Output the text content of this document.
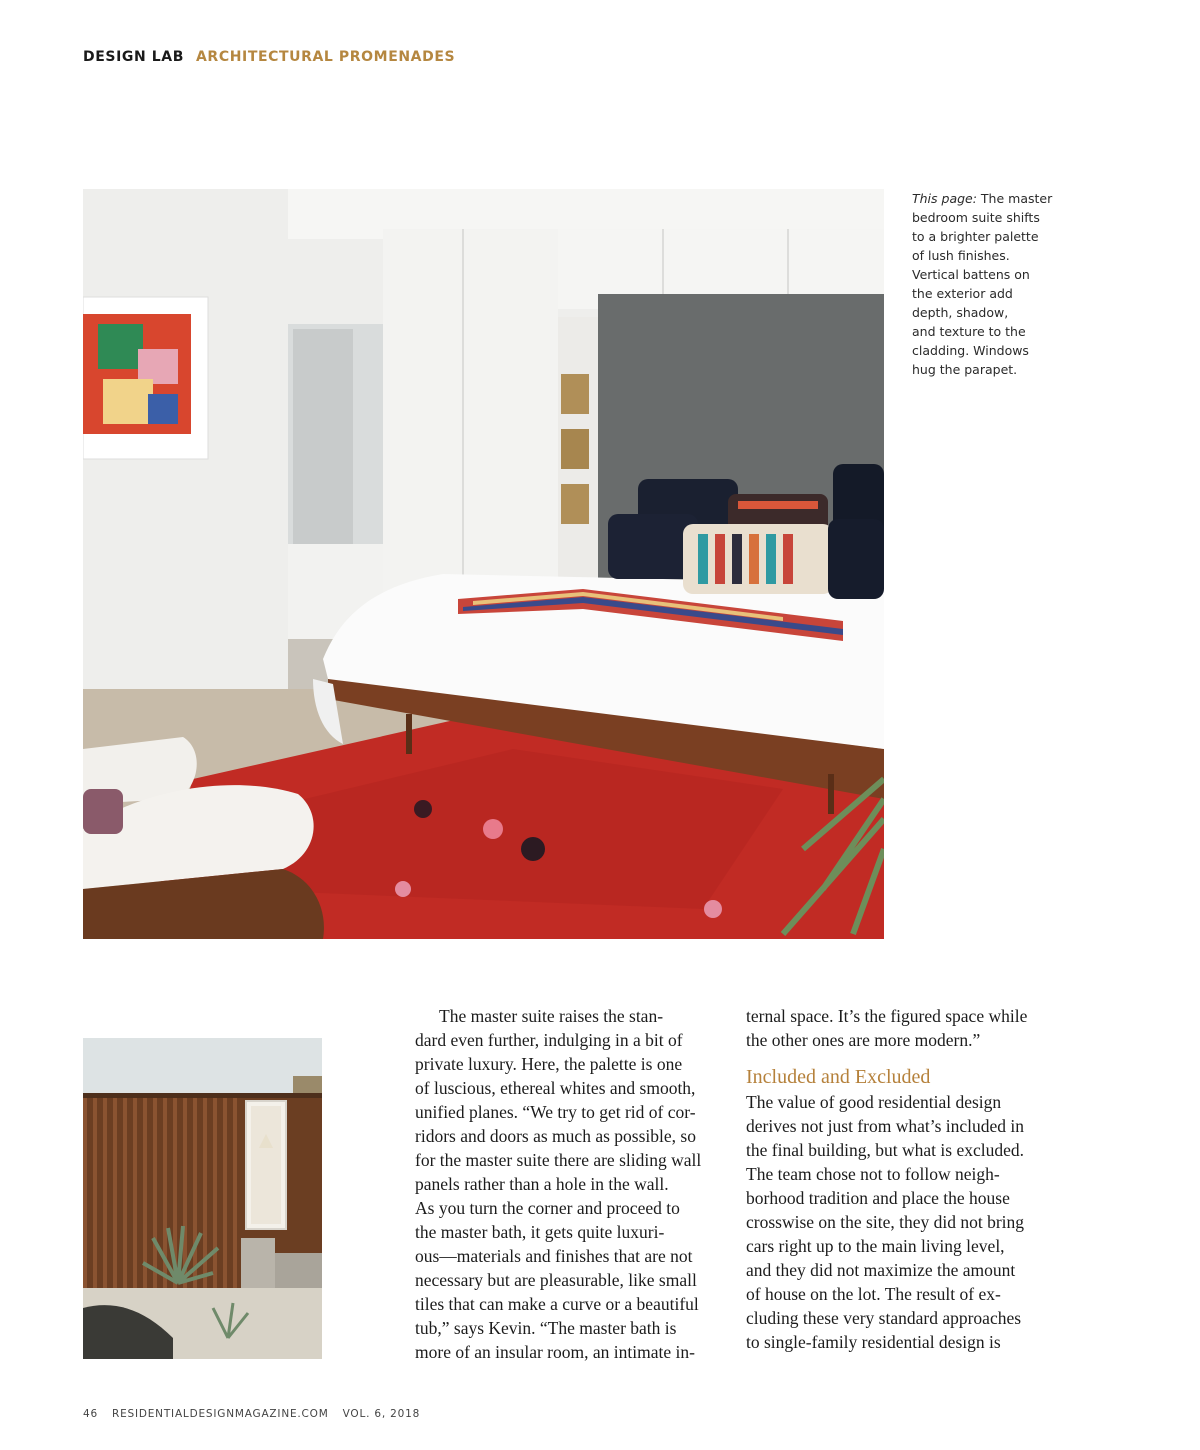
DESIGN LAB ARCHITECTURAL PROMENADES
This page: The master
bedroom suite shifts
to a brighter palette
of lush finishes.
Vertical battens on
the exterior add
depth, shadow,
and texture to the
cladding. Windows
hug the parapet.
The master suite raises the stan-
dard even further, indulging in a bit of
private luxury. Here, the palette is one
of luscious, ethereal whites and smooth,
unified planes. “We try to get rid of cor-
ridors and doors as much as possible, so
for the master suite there are sliding wall
panels rather than a hole in the wall.
As you turn the corner and proceed to
the master bath, it gets quite luxuri-
ous—materials and finishes that are not
necessary but are pleasurable, like small
tiles that can make a curve or a beautiful
tub,” says Kevin. “The master bath is
more of an insular room, an intimate in-
ternal space. It’s the figured space while
the other ones are more modern.”
Included and Excluded
The value of good residential design
derives not just from what’s included in
the final building, but what is excluded.
The team chose not to follow neigh-
borhood tradition and place the house
crosswise on the site, they did not bring
cars right up to the main living level,
and they did not maximize the amount
of house on the lot. The result of ex-
cluding these very standard approaches
to single-family residential design is
46 RESIDENTIALDESIGNMAGAZINE.COM VOL. 6, 2018
